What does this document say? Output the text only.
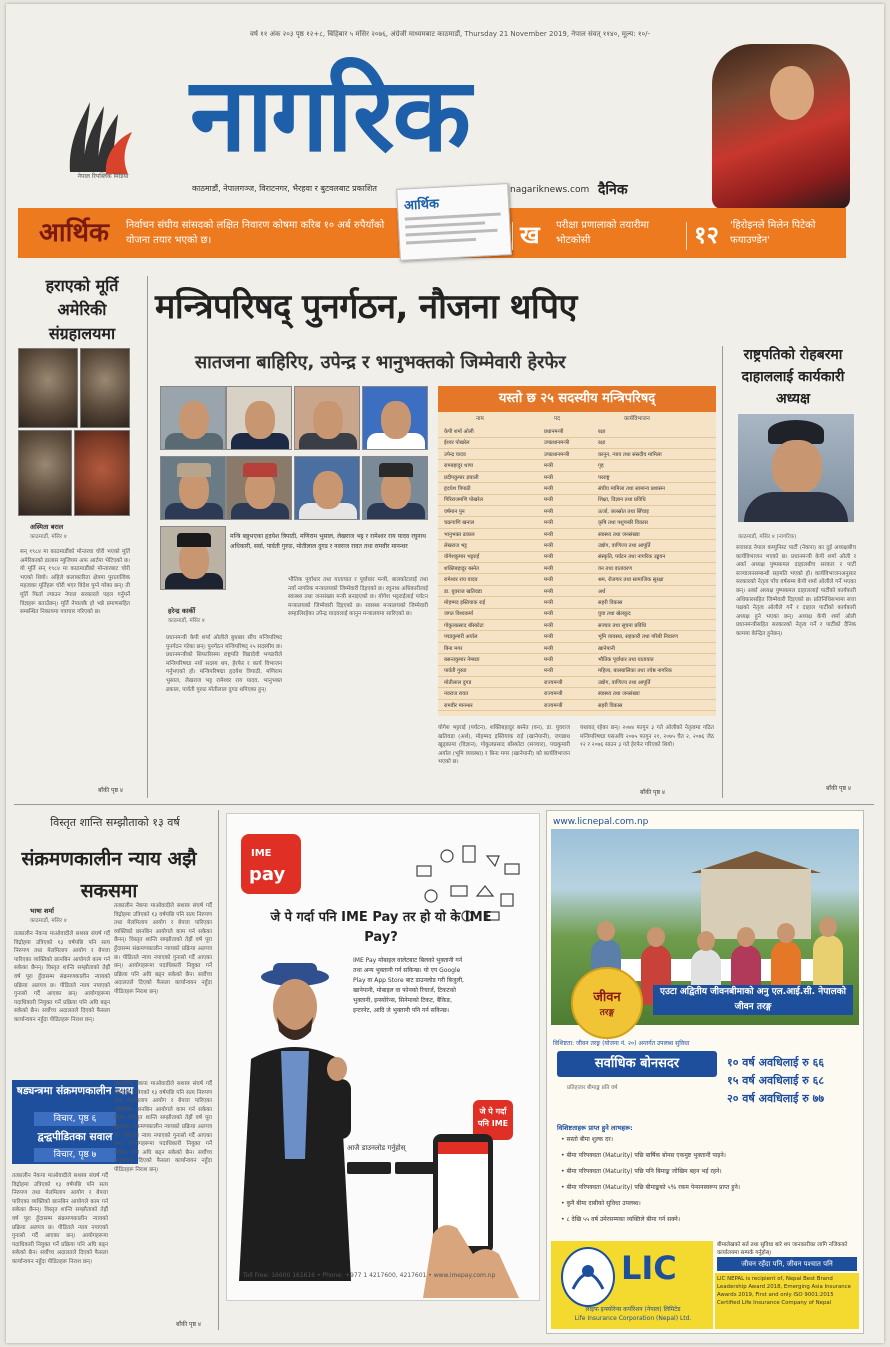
वर्ष ११ अंक २०३ पृष्ठ १२+८, बिहिबार ५ मंसिर २०७६, अंग्रेजी माध्यमबाट काठमाडौं, Thursday 21 November 2019, नेपाल संवत् ११४०, मूल्य: १०/-
नेपाल रिपब्लिक मिडिया
नागरिक
काठमाडौं, नेपालगञ्ज, विराटनगर, भैरहवा र बुटवलबाट प्रकाशित	nagariknews.com दैनिक
आर्थिक	निर्वाचन संघीय सांसदको लक्षित नि​वारण कोषमा करिब १० अर्ब रुपैयाँको योजना तयार भएको छ।
आर्थिक
ख परीक्षा प्रणालाको तयारीमा भोटकोसी	१२ 'हिरोइनले मिलेन पिटेको फयाउण्डेन'
मन्त्रिपरिषद् पुनर्गठन, नौजना थपिए
सातजना बाहिरिए, उपेन्द्र र भानुभक्तको जिम्मेवारी हेरफेर
हराएको मूर्ति अमेरिकी संग्रहालयमा
अस्मिता बराल
काठमाडौं, मंसिर ४
सन् १९८४ मा काठमाडौंको मोन्तरवा चोरी भएको मूर्ति अमेरिकाको डालास म्युजियम अफ आर्टमा भेटिएको छ। यो मूर्ति सन् १९८४ मा काठमाडौंको मोन्तारबाट चोरी भएको थियो। अहिले कलाकारिता क्षेत्रमा पुरातात्विक महत्वका मूर्तिहरू चोरी भएर विदेश पुग्ने गरेका छन्। ती मूर्ति फिर्ता ल्याउन नेपाल सरकारले पहल गर्नुपर्ने विज्ञहरू बताउँछन्। मूर्ति नेपालकै हो भन्ने प्रमाणसहित सम्बन्धित निकायमा पत्राचार गरिएको छ।
बाँकी पृष्ठ ४
मन्त्रि बन्नुभएका हृदयेश त्रिपाठी, मणिराम भुसाल, लेखराज भट्ट र रामेश्वर राय यादव रघुनाथ अधिकारी, सर्वा, पार्वती गुरुङ, मोतीलाल दुगड र नवराज रावत तथा रामवीर मानन्धर
हरेन्द्र कार्की
काठमाडौं, मंसिर ४
प्रधानमन्त्री केपी शर्मा ओलीले बुधबार सौंच मन्त्रिपरिषद पुनर्गठन गरेका छन्। पुनर्गठन मन्त्रिपरिषद् २५ सदस्यीय छ। प्रधानमन्त्रीको सिफारिसमा राष्ट्रपति विद्यादेवी भण्डारीले मन्त्रिपरिषद्मा नयाँ सदस्य थप, हेरफेर र कार्य विभाजन गर्नुभएको हो। मन्त्रिपरिषद्मा हृदयेश त्रिपाठी, मणिराम भुसाल, लेखराज भट्ट रामेश्वर राय यादव, भानुभक्त ढकाल, पार्वती गुरुङ मोतीलाल दुगड थपिएका हुन्।
भौतिक पूर्वाधार तथा यातायात र पूर्वाधार मन्त्री, बालकोटलाई तथा नयाँ नागरिक मन्त्रालयको जिम्मेवारी दिइएको छ। रघुनाथ अधिकारीलाई स्वास्थ्य तथा जनसंख्या मन्त्री बनाइएको छ। योगेश भट्टराईलाई पर्यटन मन्त्रालयको जिम्मेवारी दिइएको छ। स्वास्थ्य मन्त्रालयको जिम्मेवारी सम्हालिरहेका उपेन्द्र यादवलाई कानुन मन्त्रालयमा सारिएको छ।
योगेश भट्टराई (पर्यटन), शक्तिबहादुर बस्नेत (वन), डा. युवराज खतिवडा (अर्थ), मोहम्मद इस्तियाक राई (खानेपानी), जगन्नाथ खुड्कामा (विज्ञान), गोकुलप्रसाद बाँस्कोटा (सञ्चार), पद्मकुमारी अर्याल (भूमि व्यवस्था) र बिना मगर (खानेपानी) को कार्यविभाजन भएको छ।
यथावत् रहेका छन्। २०७४ फागुन ३ गते ओलीको नेतृत्वमा गठित मन्त्रिपरिषद्मा यसअघि २०७५ फागुन २१, २०७५ चैत २, २०७६ जेठ १२ र २०७६ साउन ३ गते हेरफेर गरिएको थियो।
बाँकी पृष्ठ ४
नाम	पद	कार्यविभाजन
केपी शर्मा ओली	प्रधानमन्त्री	रक्षा
ईश्वर पोखरेल	उपप्रधानमन्त्री	रक्षा
उपेन्द्र यादव	उपप्रधानमन्त्री	कानुन, न्याय तथा संसदीय मामिला
रामबहादुर थापा	मन्त्री	गृह
प्रदीपकुमार ज्ञवाली	मन्त्री	परराष्ट्र
हृदयेश त्रिपाठी	मन्त्री	संघीय मामिला तथा सामान्य प्रशासन
गिरिराजमणि पोखरेल	मन्त्री	शिक्षा, विज्ञान तथा प्रविधि
वर्षमान पुन	मन्त्री	ऊर्जा, जलस्रोत तथा सिँचाइ
चक्रपाणि खनाल	मन्त्री	कृषि तथा पशुपन्छी विकास
भानुभक्त ढकाल	मन्त्री	स्वास्थ्य तथा जनसंख्या
लेखराज भट्ट	मन्त्री	उद्योग, वाणिज्य तथा आपूर्ति
योगेशकुमार भट्टराई	मन्त्री	संस्कृति, पर्यटन तथा नागरिक उड्डयन
शक्तिबहादुर बस्नेत	मन्त्री	वन तथा वातावरण
रामेश्वर राय यादव	मन्त्री	श्रम, रोजगार तथा सामाजिक सुरक्षा
डा. युवराज खतिवडा	मन्त्री	अर्थ
मोहम्मद इस्तियाक राई	मन्त्री	सहरी विकास
जगत विश्वकर्मा	मन्त्री	युवा तथा खेलकुद
गोकुलप्रसाद बाँस्कोटा	मन्त्री	सञ्चार तथा सूचना प्रविधि
पद्माकुमारी अर्याल	मन्त्री	भूमि व्यवस्था, सहकारी तथा गरिबी निवारण
बिना मगर	मन्त्री	खानेपानी
बसन्तकुमार नेम्बाङ	मन्त्री	भौतिक पूर्वाधार तथा यातायात
पार्वती गुरुङ	मन्त्री	महिला, बालबालिका तथा ज्येष्ठ नागरिक
मोतीलाल दुगड	राज्यमन्त्री	उद्योग, वाणिज्य तथा आपूर्ति
नवराज रावत	राज्यमन्त्री	स्वास्थ्य तथा जनसंख्या
रामवीर मानन्धर	राज्यमन्त्री	सहरी विकास
यस्तो छ २५ सदस्यीय मन्त्रिपरिषद्
राष्ट्रपतिको रोहबरमा दाहाललाई कार्यकारी अध्यक्ष
काठमाडौं, मंसिर ४ (नागरिक)
सत्तारुढ नेपाल कम्युनिस्ट पार्टी (नेकपा) का दुई अध्यक्षबीच कार्यविभाजन भएको छ। प्रधानमन्त्री केपी शर्मा ओली र अर्का अध्यक्ष पुष्पकमल दाहालबीच सरकार र पार्टी सञ्चालनसम्बन्धी सहमति भएको हो। कार्यविभाजनअनुसार सरकारको नेतृत्व पाँच वर्षसम्म केपी शर्मा ओलीले गर्ने भएका छन्। अर्का अध्यक्ष पुष्पकमल दाहाललाई पार्टीको कार्यकारी अधिकारसहित जिम्मेवारी दिइएको छ। प्रतिनिधिसभामा सत्ता पक्षको नेतृत्व ओलीले गर्ने र दाहाल पार्टीको कार्यकारी अध्यक्ष हुने भएका छन्। अध्यक्ष केपी शर्मा ओली प्रधानमन्त्रीसहित सरकारको नेतृत्व गर्ने र पार्टीको दैनिक काममा केन्द्रित हुनेछन्।
बाँकी पृष्ठ ४
विस्तृत शान्ति सम्झौताको १३ वर्ष
संक्रमणकालीन न्याय अझै सकसमा
भाषा शर्मा
काठमाडौं, मंसिर ४
तत्कालीन नेकपा माओवादीले सशस्त्र संघर्ष गर्दै विद्रोहमा उत्रिएको १३ वर्षपछि पनि सत्य निरुपण तथा मेलमिलाप आयोग र बेपत्ता पारिएका व्यक्तिको छानबिन आयोगले काम गर्न सकेका छैनन्। विस्तृत शान्ति सम्झौताको तेह्रौं वर्ष पूरा हुँदासम्म संक्रमणकालीन न्यायको प्रक्रिया अलपत्र छ। पीडितले न्याय नपाएको गुनासो गर्दै आएका छन्। आयोगहरूमा पदाधिकारी नियुक्त गर्ने प्रक्रिया पनि अघि बढ्न सकेको छैन। सर्वोच्च अदालतले दिएको फैसला कार्यान्वयन नहुँदा पीडितहरू निराश छन्।
तत्कालीन नेकपा माओवादीले सशस्त्र संघर्ष गर्दै विद्रोहमा उत्रिएको १३ वर्षपछि पनि सत्य निरुपण तथा मेलमिलाप आयोग र बेपत्ता पारिएका व्यक्तिको छानबिन आयोगले काम गर्न सकेका छैनन्। विस्तृत शान्ति सम्झौताको तेह्रौं वर्ष पूरा हुँदासम्म संक्रमणकालीन न्यायको प्रक्रिया अलपत्र छ। पीडितले न्याय नपाएको गुनासो गर्दै आएका छन्। आयोगहरूमा पदाधिकारी नियुक्त गर्ने प्रक्रिया पनि अघि बढ्न सकेको छैन। सर्वोच्च अदालतले दिएको फैसला कार्यान्वयन नहुँदा पीडितहरू निराश छन्।
षड्यन्त्रमा संक्रमणकालीन न्याय
विचार, पृष्ठ ६
द्वन्द्वपीडितका सवाल
विचार, पृष्ठ ७
तत्कालीन नेकपा माओवादीले सशस्त्र संघर्ष गर्दै विद्रोहमा उत्रिएको १३ वर्षपछि पनि सत्य निरुपण तथा मेलमिलाप आयोग र बेपत्ता पारिएका व्यक्तिको छानबिन आयोगले काम गर्न सकेका छैनन्। विस्तृत शान्ति सम्झौताको तेह्रौं वर्ष पूरा हुँदासम्म संक्रमणकालीन न्यायको प्रक्रिया अलपत्र छ। पीडितले न्याय नपाएको गुनासो गर्दै आएका छन्। आयोगहरूमा पदाधिकारी नियुक्त गर्ने प्रक्रिया पनि अघि बढ्न सकेको छैन। सर्वोच्च अदालतले दिएको फैसला कार्यान्वयन नहुँदा पीडितहरू निराश छन्।
तत्कालीन नेकपा माओवादीले सशस्त्र संघर्ष गर्दै विद्रोहमा उत्रिएको १३ वर्षपछि पनि सत्य निरुपण तथा मेलमिलाप आयोग र बेपत्ता पारिएका व्यक्तिको छानबिन आयोगले काम गर्न सकेका छैनन्। विस्तृत शान्ति सम्झौताको तेह्रौं वर्ष पूरा हुँदासम्म संक्रमणकालीन न्यायको प्रक्रिया अलपत्र छ। पीडितले न्याय नपाएको गुनासो गर्दै आएका छन्। आयोगहरूमा पदाधिकारी नियुक्त गर्ने प्रक्रिया पनि अघि बढ्न सकेको छैन। सर्वोच्च अदालतले दिएको फैसला कार्यान्वयन नहुँदा पीडितहरू निराश छन्।
बाँकी पृष्ठ ४
IME
pay
जे पे गर्दा पनि IME Pay तर हो यो के IME Pay?
IME Pay मोबाइल वालेटबाट बिलको भुक्तानी गर्न तथा अन्य भुक्तानी गर्न सकिन्छ। यो एप Google Play वा App Store बाट डाउनलोड गरी बिजुली, खानेपानी, मोबाइल वा फोनको रिचार्ज, टिकटको भुक्तानी, इन्स्योरेन्स, सिनेमाको टिकट, बैंकिङ, इन्टरनेट, आदि जे भुक्तानी पनि गर्न सकिन्छ।
जे पे गर्दा पनि IME
आजै डाउनलोड गर्नुहोस्
Toll Free: 16600 161616 • Phone: +977 1 4217600, 4217601 • www.imepay.com.np
www.licnepal.com.np
जीवन
तरङ्ग
एउटा अद्वितीय जीवनबीमाको अनु एल.आई.सी. नेपालको जीवन तरङ्ग
विशिष्टता: जीवन तरङ्ग (योजना नं. २०) अन्तर्गत उपलब्ध सुविधा
सर्वाधिक बोनसदर	१० वर्ष अवधिलाई रु ६६
१५ वर्ष अवधिलाई रु ६८
२० वर्ष अवधिलाई रु ७७
प्रतिहजार बीमाङ्क प्रति वर्ष
विशिष्टताहरू प्राप्त हुने लाभहरू:
• सस्तो बीमा शुल्क दर।
• बीमा परिपक्वता (Maturity) पछि बार्षिक बोनस एकमुष्ट भुक्तानी पाइने।
• बीमा परिपक्वता (Maturity) पछि पनि बिमाङ्क जोखिम बहन भई रहने।
• बीमा परिपक्वता (Maturity) पछि बीमाङ्कको ५% रकम पेन्सनस्वरूप प्राप्त हुने।
• कुनै बीमा दाबीको सुविधा उपलब्ध।
• ८ देखि ५५ वर्ष उमेरसम्मका व्यक्तिले बीमा गर्न सक्ने।
LIC
लाइफ इन्स्योरेन्स कर्पोरेशन (नेपाल) लिमिटेड
Life Insurance Corporation (Nepal) Ltd.
बीमालेखको सर्त तथा सुविधा बारे थप जानकारीका लागि नजिकको कार्यालयमा सम्पर्क गर्नुहोस्।
जीवन रहँदा पनि, जीवन पश्चात पनि
LIC NEPAL is recipient of, Nepal Best Brand Leadership Award 2018, Emerging Asia Insurance Awards 2019, First and only ISO 9001:2015 Certified Life Insurance Company of Nepal
